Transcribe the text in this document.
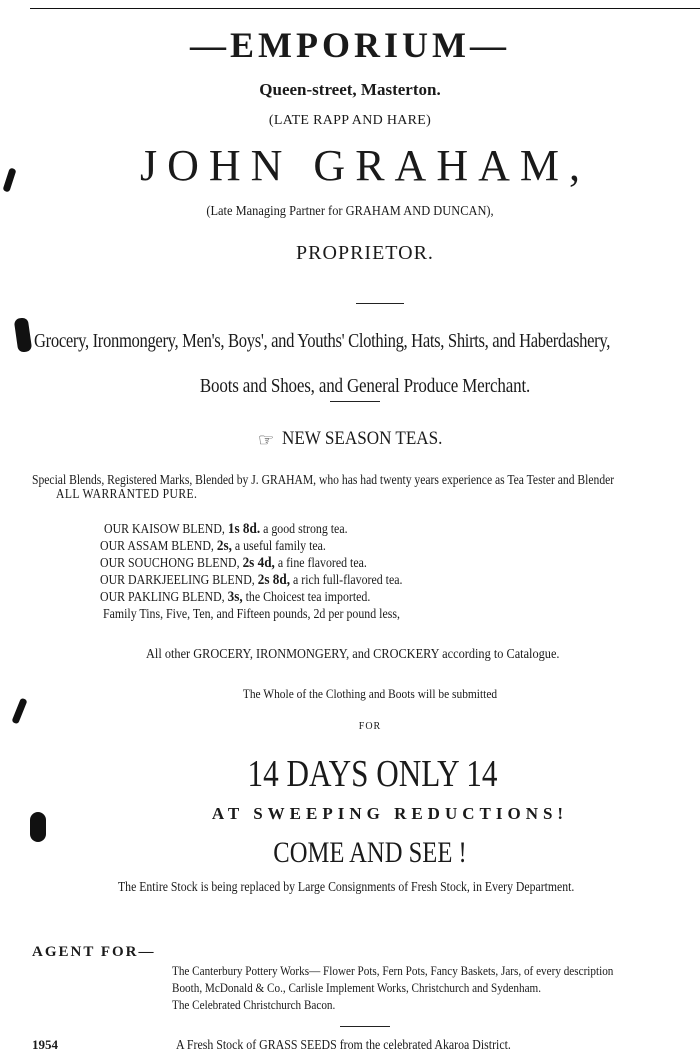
—EMPORIUM—
Queen-street, Masterton.
(LATE RAPP AND HARE)
JOHN GRAHAM,
(Late Managing Partner for GRAHAM AND DUNCAN),
PROPRIETOR.
Grocery, Ironmongery, Men's, Boys', and Youths' Clothing, Hats, Shirts, and Haberdashery,
Boots and Shoes, and General Produce Merchant.
☞ NEW SEASON TEAS.
Special Blends, Registered Marks, Blended by J. GRAHAM, who has had twenty years experience as Tea Tester and Blender
ALL WARRANTED PURE.
OUR KAISOW BLEND, 1s 8d. a good strong tea.
OUR ASSAM BLEND, 2s, a useful family tea.
OUR SOUCHONG BLEND, 2s 4d, a fine flavored tea.
OUR DARKJEELING BLEND, 2s 8d, a rich full-flavored tea.
OUR PAKLING BLEND, 3s, the Choicest tea imported.
Family Tins, Five, Ten, and Fifteen pounds, 2d per pound less,
All other GROCERY, IRONMONGERY, and CROCKERY according to Catalogue.
The Whole of the Clothing and Boots will be submitted
FOR
14 DAYS ONLY 14
AT SWEEPING REDUCTIONS!
COME AND SEE !
The Entire Stock is being replaced by Large Consignments of Fresh Stock, in Every Department.
AGENT FOR—
The Canterbury Pottery Works— Flower Pots, Fern Pots, Fancy Baskets, Jars, of every description
Booth, McDonald & Co., Carlisle Implement Works, Christchurch and Sydenham.
The Celebrated Christchurch Bacon.
1954	A Fresh Stock of GRASS SEEDS from the celebrated Akaroa District.
